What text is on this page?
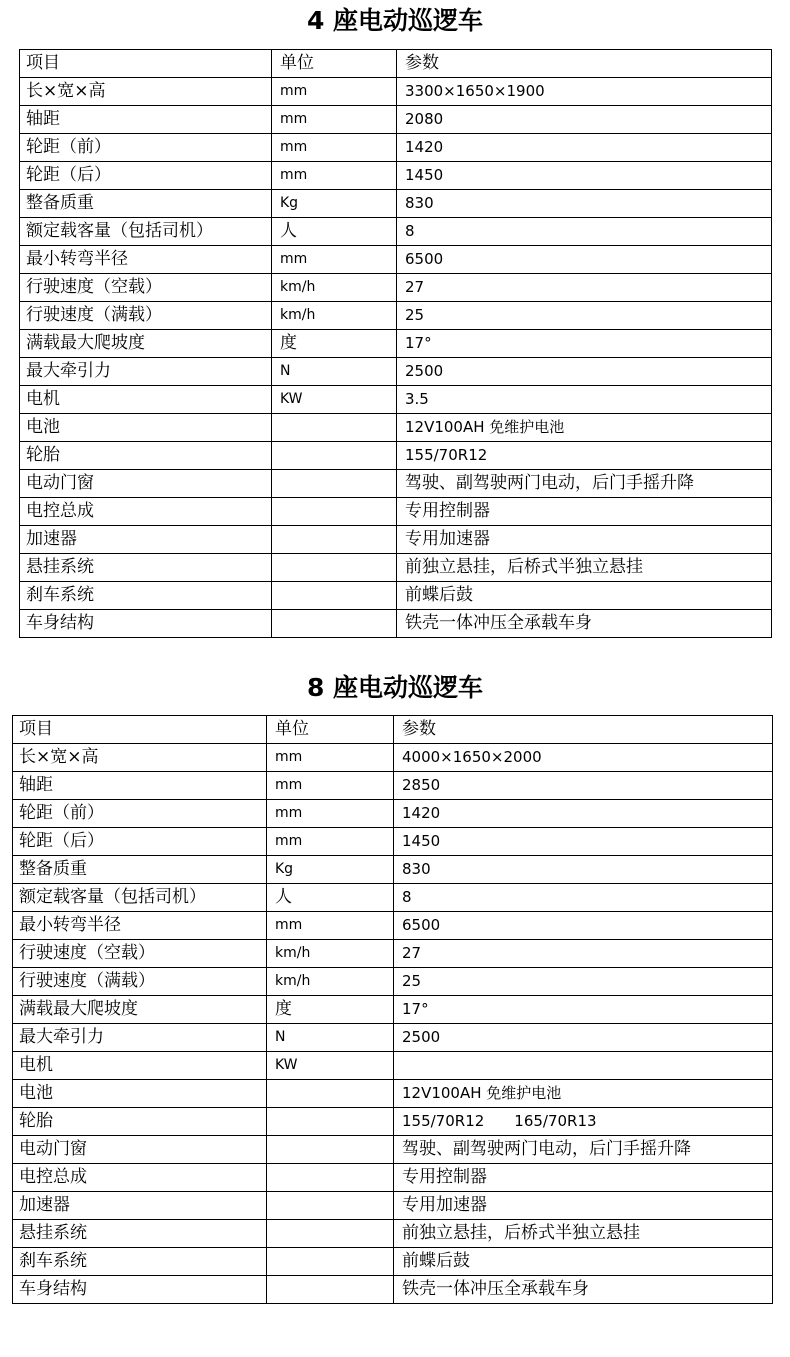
4 座电动巡逻车
项目	单位	参数
长×宽×高	mm	3300×1650×1900
轴距	mm	2080
轮距（前）	mm	1420
轮距（后）	mm	1450
整备质重	Kg	830
额定载客量（包括司机）	人	8
最小转弯半径	mm	6500
行驶速度（空载）	km/h	27
行驶速度（满载）	km/h	25
满载最大爬坡度	度	17°
最大牵引力	N	2500
电机	KW	3.5
电池		12V100AH 免维护电池
轮胎		155/70R12
电动门窗		驾驶、副驾驶两门电动，后门手摇升降
电控总成		专用控制器
加速器		专用加速器
悬挂系统		前独立悬挂，后桥式半独立悬挂
刹车系统		前蝶后鼓
车身结构		铁壳一体冲压全承载车身
8 座电动巡逻车
项目	单位	参数
长×宽×高	mm	4000×1650×2000
轴距	mm	2850
轮距（前）	mm	1420
轮距（后）	mm	1450
整备质重	Kg	830
额定载客量（包括司机）	人	8
最小转弯半径	mm	6500
行驶速度（空载）	km/h	27
行驶速度（满载）	km/h	25
满载最大爬坡度	度	17°
最大牵引力	N	2500
电机	KW	
电池		12V100AH 免维护电池
轮胎		155/70R12　　165/70R13
电动门窗		驾驶、副驾驶两门电动，后门手摇升降
电控总成		专用控制器
加速器		专用加速器
悬挂系统		前独立悬挂，后桥式半独立悬挂
刹车系统		前蝶后鼓
车身结构		铁壳一体冲压全承载车身
